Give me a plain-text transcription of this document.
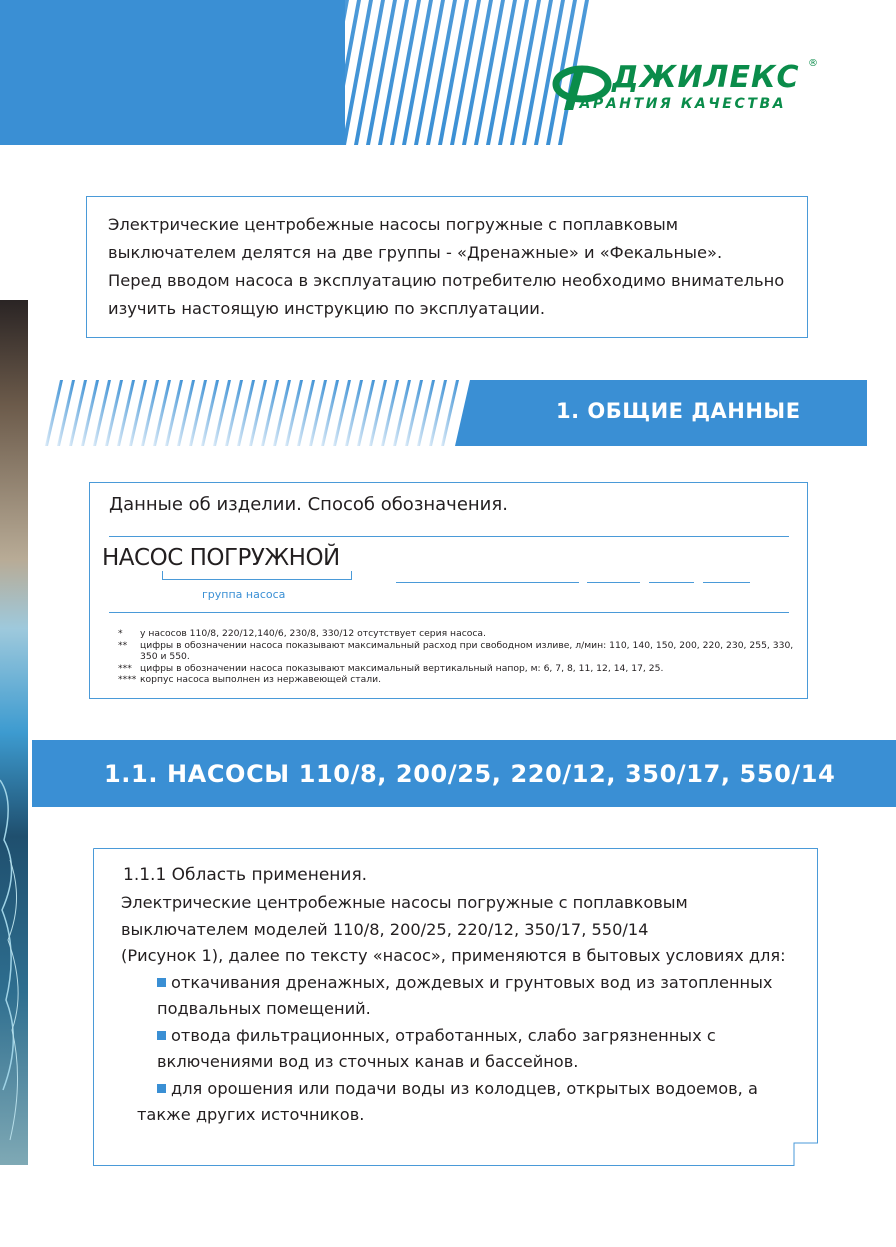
ДЖИЛЕКС ®
ГАРАНТИЯ КАЧЕСТВА
Электрические центробежные насосы погружные с поплавковым
выключателем делятся на две группы - «Дренажные» и «Фекальные».
Перед вводом насоса в эксплуатацию потребителю необходимо внимательно
изучить настоящую инструкцию по эксплуатации.
1. ОБЩИЕ ДАННЫЕ
Данные об изделии. Способ обозначения.
НАСОС ПОГРУЖНОЙ
группа насоса
* у насосов 110/8, 220/12,140/6, 230/8, 330/12 отсутствует серия насоса.
** цифры в обозначении насоса показывают максимальный расход при свободном изливе, л/мин: 110, 140, 150, 200, 220, 230, 255, 330, 350 и 550.
*** цифры в обозначении насоса показывают максимальный вертикальный напор, м: 6, 7, 8, 11, 12, 14, 17, 25.
**** корпус насоса выполнен из нержавеющей стали.
1.1. НАСОСЫ 110/8, 200/25, 220/12, 350/17, 550/14
1.1.1 Область применения.
Электрические центробежные насосы погружные с поплавковым
выключателем моделей 110/8, 200/25, 220/12, 350/17, 550/14
(Рисунок 1), далее по тексту «насос», применяются в бытовых условиях для:
откачивания дренажных, дождевых и грунтовых вод из затопленных
подвальных помещений.
отвода фильтрационных, отработанных, слабо загрязненных с
включениями вод из сточных канав и бассейнов.
для орошения или подачи воды из колодцев, открытых водоемов, а
также других источников.
